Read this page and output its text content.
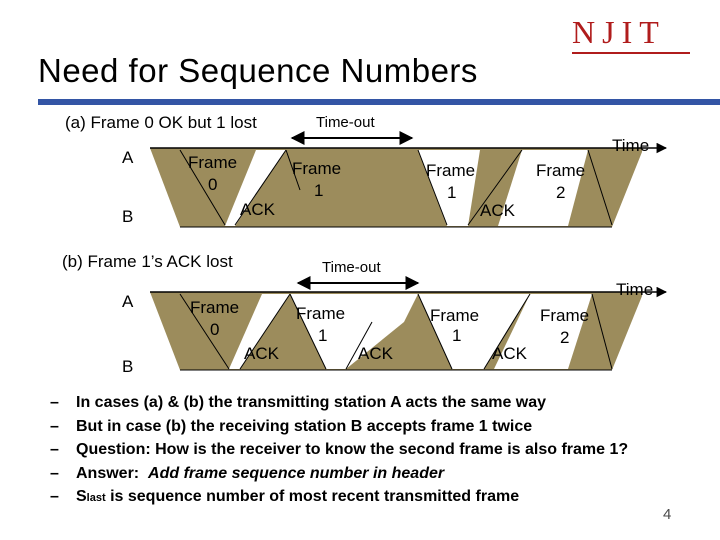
NJIT
Need for Sequence Numbers
(a) Frame 0 OK but 1 lost	Time-out
A
B
Time
Frame
0
ACK
Frame
1
Frame
1
ACK
Frame
2
(b) Frame 1’s ACK lost	Time-out
A
B
Time
Frame
0
ACK
Frame
1
ACK
Frame
1
ACK
Frame
2
–	In cases (a) & (b) the transmitting station A acts the same way
–	But in case (b) the receiving station B accepts frame 1 twice
–	Question: How is the receiver to know the second frame is also frame 1?
–	Answer: Add frame sequence number in header
–	S last is sequence number of most recent transmitted frame
4
